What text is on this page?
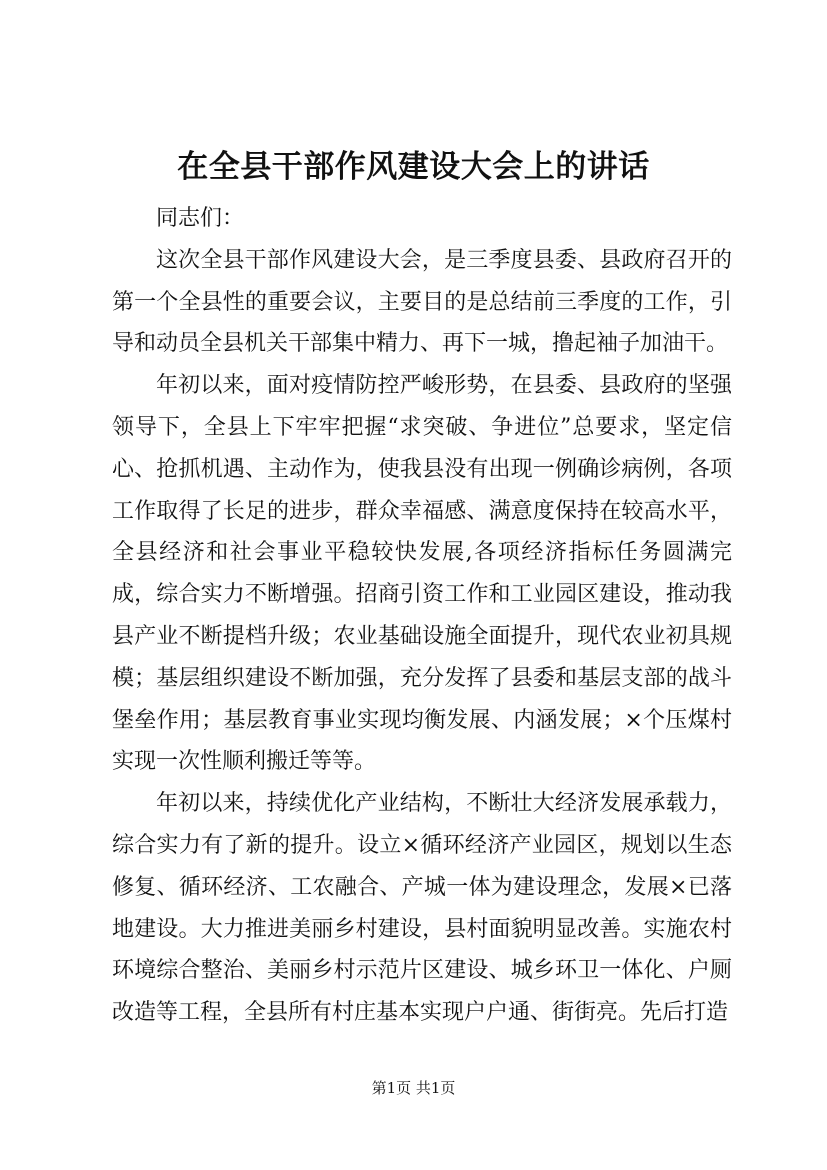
在全县干部作风建设大会上的讲话

同志们：

这次全县干部作风建设大会，是三季度县委、县政府召开的第一个全县性的重要会议，主要目的是总结前三季度的工作，引导和动员全县机关干部集中精力、再下一城，撸起袖子加油干。

年初以来，面对疫情防控严峻形势，在县委、县政府的坚强领导下，全县上下牢牢把握“求突破、争进位”总要求，坚定信心、抢抓机遇、主动作为，使我县没有出现一例确诊病例，各项工作取得了长足的进步，群众幸福感、满意度保持在较高水平，全县经济和社会事业平稳较快发展,各项经济指标任务圆满完成，综合实力不断增强。招商引资工作和工业园区建设，推动我县产业不断提档升级；农业基础设施全面提升，现代农业初具规模；基层组织建设不断加强，充分发挥了县委和基层支部的战斗堡垒作用；基层教育事业实现均衡发展、内涵发展；×个压煤村实现一次性顺利搬迁等等。

年初以来，持续优化产业结构，不断壮大经济发展承载力，综合实力有了新的提升。设立×循环经济产业园区，规划以生态修复、循环经济、工农融合、产城一体为建设理念，发展×已落地建设。大力推进美丽乡村建设，县村面貌明显改善。实施农村环境综合整治、美丽乡村示范片区建设、城乡环卫一体化、户厕改造等工程，全县所有村庄基本实现户户通、街街亮。先后打造

第1页 共1页
